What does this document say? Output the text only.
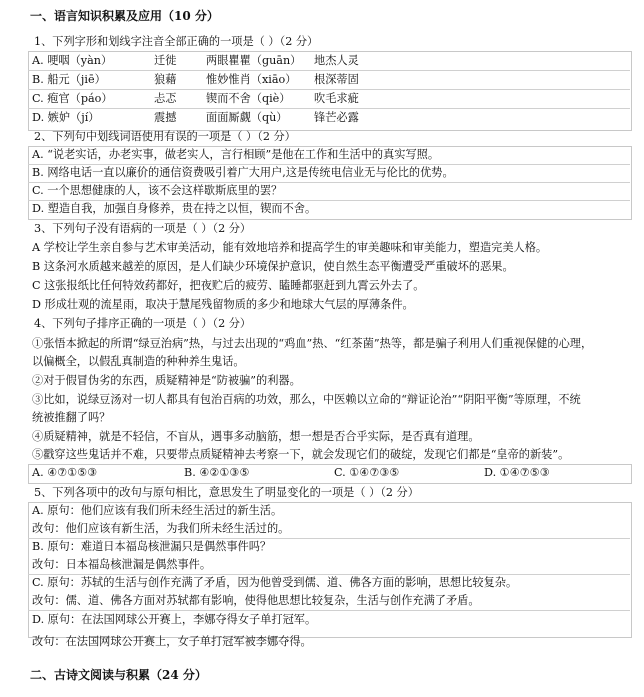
一、语言知识积累及应用（10 分）
1、下列字形和划线字注音全部正确的一项是（ ）（2 分）
A. 哽咽（yàn）	迁徙	两眼瞿瞿（guān） 地杰人灵
B. 船元（jiē）	狼藉	惟妙惟肖（xiāo） 根深蒂固
C. 疱官（páo）	忐忑	锲而不舍（qiè） 吹毛求疵
D. 嫉妒（jí）	震撼	面面厮觑（qù） 锋芒必露
2、下列句中划线词语使用有误的一项是（ ）（2 分）
A. “说老实话，办老实事，做老实人，言行相顾”是他在工作和生活中的真实写照。
B. 网络电话一直以廉价的通信资费吸引着广大用户,这是传统电信业无与伦比的优势。
C. 一个思想健康的人，该不会这样歇斯底里的罢？
D. 塑造自我，加强自身修养，贵在持之以恒，锲而不舍。
3、下列句子没有语病的一项是（ ）（2 分）
A 学校让学生亲自参与艺术审美活动，能有效地培养和提高学生的审美趣味和审美能力，塑造完美人格。
B 这条河水质越来越差的原因，是人们缺少环境保护意识，使自然生态平衡遭受严重破坏的恶果。
C 这张报纸比任何特效药都好，把夜贮后的疲劳、瞌睡都驱赶到九霄云外去了。
D 形成壮观的流星雨，取决于慧尾残留物质的多少和地球大气层的厚薄条件。
4、下列句子排序正确的一项是（ ）（2 分）
①张悟本掀起的所谓“绿豆治病”热，与过去出现的“鸡血”热、“红茶菌”热等，都是骗子利用人们重视保健的心理，
以偏概全，以假乱真制造的种种养生鬼话。
②对于假冒伪劣的东西，质疑精神是“防被骗”的利器。
③比如，说绿豆汤对一切人都具有包治百病的功效，那么，中医赖以立命的“辩证论治”“阴阳平衡”等原理，不统
统被推翻了吗？
④质疑精神，就是不轻信，不盲从，遇事多动脑筋，想一想是否合乎实际，是否真有道理。
⑤戳穿这些鬼话并不难，只要带点质疑精神去考察一下，就会发现它们的破绽，发现它们都是“皇帝的新装”。
A. ④⑦①⑤③	B. ④②①③⑤	C. ①④⑦③⑤	D. ①④⑦⑤③
5、下列各项中的改句与原句相比，意思发生了明显变化的一项是（ ）（2 分）
A. 原句：他们应该有我们所未经生活过的新生活。
改句：他们应该有新生活，为我们所未经生活过的。
B. 原句：难道日本福岛核泄漏只是偶然事件吗？
改句：日本福岛核泄漏是偶然事件。
C. 原句：苏轼的生活与创作充满了矛盾，因为他曾受到儒、道、佛各方面的影响，思想比较复杂。
改句：儒、道、佛各方面对苏轼都有影响，使得他思想比较复杂，生活与创作充满了矛盾。
D. 原句：在法国网球公开赛上，李娜夺得女子单打冠军。
改句：在法国网球公开赛上，女子单打冠军被李娜夺得。
二、古诗文阅读与积累（24 分）
